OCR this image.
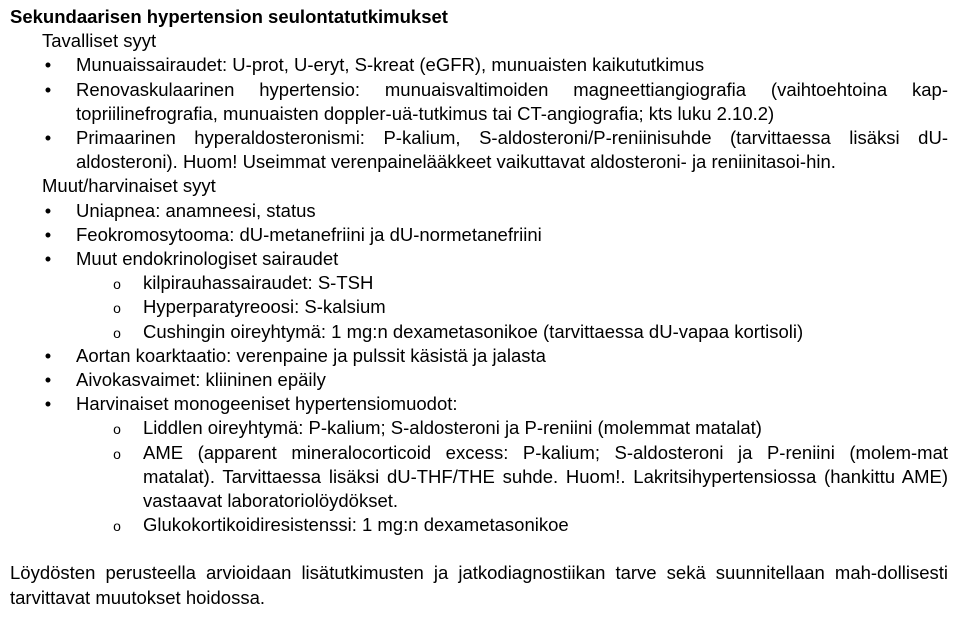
Sekundaarisen hypertension seulontatutkimukset

Tavalliset syyt

• Munuaissairaudet: U-prot, U-eryt, S-kreat (eGFR), munuaisten kaikututkimus
• Renovaskulaarinen hypertensio: munuaisvaltimoiden magneettiangiografia (vaihtoehtoina kap-topriilinefrografia, munuaisten doppler-uä-tutkimus tai CT-angiografia; kts luku 2.10.2)
• Primaarinen hyperaldosteronismi: P-kalium, S-aldosteroni/P-reniinisuhde (tarvittaessa lisäksi dU-aldosteroni). Huom! Useimmat verenpainelääkkeet vaikuttavat aldosteroni- ja reniinitasoi-hin.

Muut/harvinaiset syyt

• Uniapnea: anamneesi, status
• Feokromosytooma: dU-metanefriini ja dU-normetanefriini
• Muut endokrinologiset sairaudet
o kilpirauhassairaudet: S-TSH
o Hyperparatyreoosi: S-kalsium
o Cushingin oireyhtymä: 1 mg:n dexametasonikoe (tarvittaessa dU-vapaa kortisoli)
• Aortan koarktaatio: verenpaine ja pulssit käsistä ja jalasta
• Aivokasvaimet: kliininen epäily
• Harvinaiset monogeeniset hypertensiomuodot:
o Liddlen oireyhtymä: P-kalium; S-aldosteroni ja P-reniini (molemmat matalat)
o AME (apparent mineralocorticoid excess: P-kalium; S-aldosteroni ja P-reniini (molem-mat matalat). Tarvittaessa lisäksi dU-THF/THE suhde. Huom!. Lakritsihypertensiossa (hankittu AME) vastaavat laboratoriolöydökset.
o Glukokortikoidiresistenssi: 1 mg:n dexametasonikoe

Löydösten perusteella arvioidaan lisätutkimusten ja jatkodiagnostiikan tarve sekä suunnitellaan mah-dollisesti tarvittavat muutokset hoidossa.
